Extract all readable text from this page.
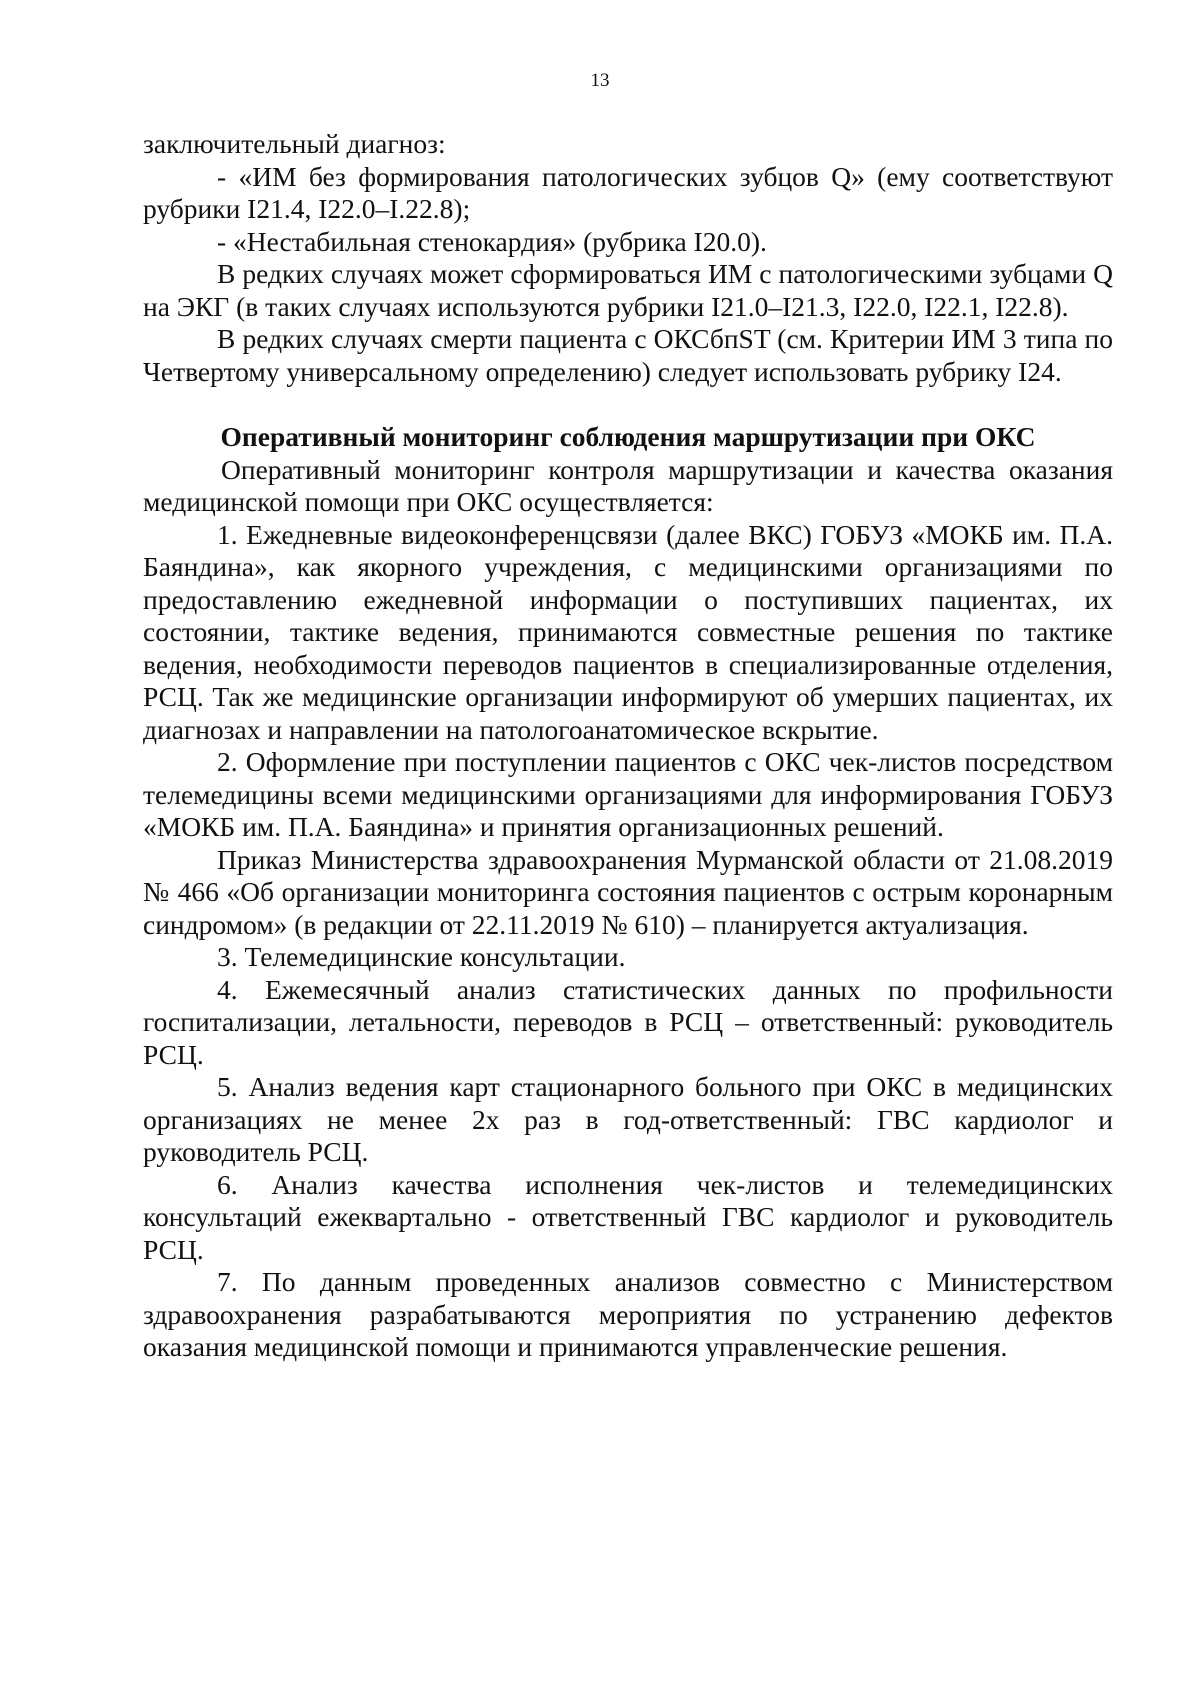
13

заключительный диагноз:

- «ИМ без формирования патологических зубцов Q» (ему соответствуют рубрики I21.4, I22.0–I.22.8);

- «Нестабильная стенокардия» (рубрика I20.0).

В редких случаях может сформироваться ИМ с патологическими зубцами Q на ЭКГ (в таких случаях используются рубрики I21.0–I21.3, I22.0, I22.1, I22.8).

В редких случаях смерти пациента с ОКСбпST (см. Критерии ИМ 3 типа по Четвертому универсальному определению) следует использовать рубрику I24.

Оперативный мониторинг соблюдения маршрутизации при ОКС

Оперативный мониторинг контроля маршрутизации и качества оказания медицинской помощи при ОКС осуществляется:

1. Ежедневные видеоконференцсвязи (далее ВКС) ГОБУЗ «МОКБ им. П.А. Баяндина», как якорного учреждения, с медицинскими организациями по предоставлению ежедневной информации о поступивших пациентах, их состоянии, тактике ведения, принимаются совместные решения по тактике ведения, необходимости переводов пациентов в специализированные отделения, РСЦ. Так же медицинские организации информируют об умерших пациентах, их диагнозах и направлении на патологоанатомическое вскрытие.

2. Оформление при поступлении пациентов с ОКС чек-листов посредством телемедицины всеми медицинскими организациями для информирования ГОБУЗ «МОКБ им. П.А. Баяндина» и принятия организационных решений.

Приказ Министерства здравоохранения Мурманской области от 21.08.2019 № 466 «Об организации мониторинга состояния пациентов с острым коронарным синдромом» (в редакции от 22.11.2019 № 610) – планируется актуализация.

3. Телемедицинские консультации.

4. Ежемесячный анализ статистических данных по профильности госпитализации, летальности, переводов в РСЦ – ответственный: руководитель РСЦ.

5. Анализ ведения карт стационарного больного при ОКС в медицинских организациях не менее 2х раз в год-ответственный: ГВС кардиолог и руководитель РСЦ.

6. Анализ качества исполнения чек-листов и телемедицинских консультаций ежеквартально - ответственный ГВС кардиолог и руководитель РСЦ.

7. По данным проведенных анализов совместно с Министерством здравоохранения разрабатываются мероприятия по устранению дефектов оказания медицинской помощи и принимаются управленческие решения.
